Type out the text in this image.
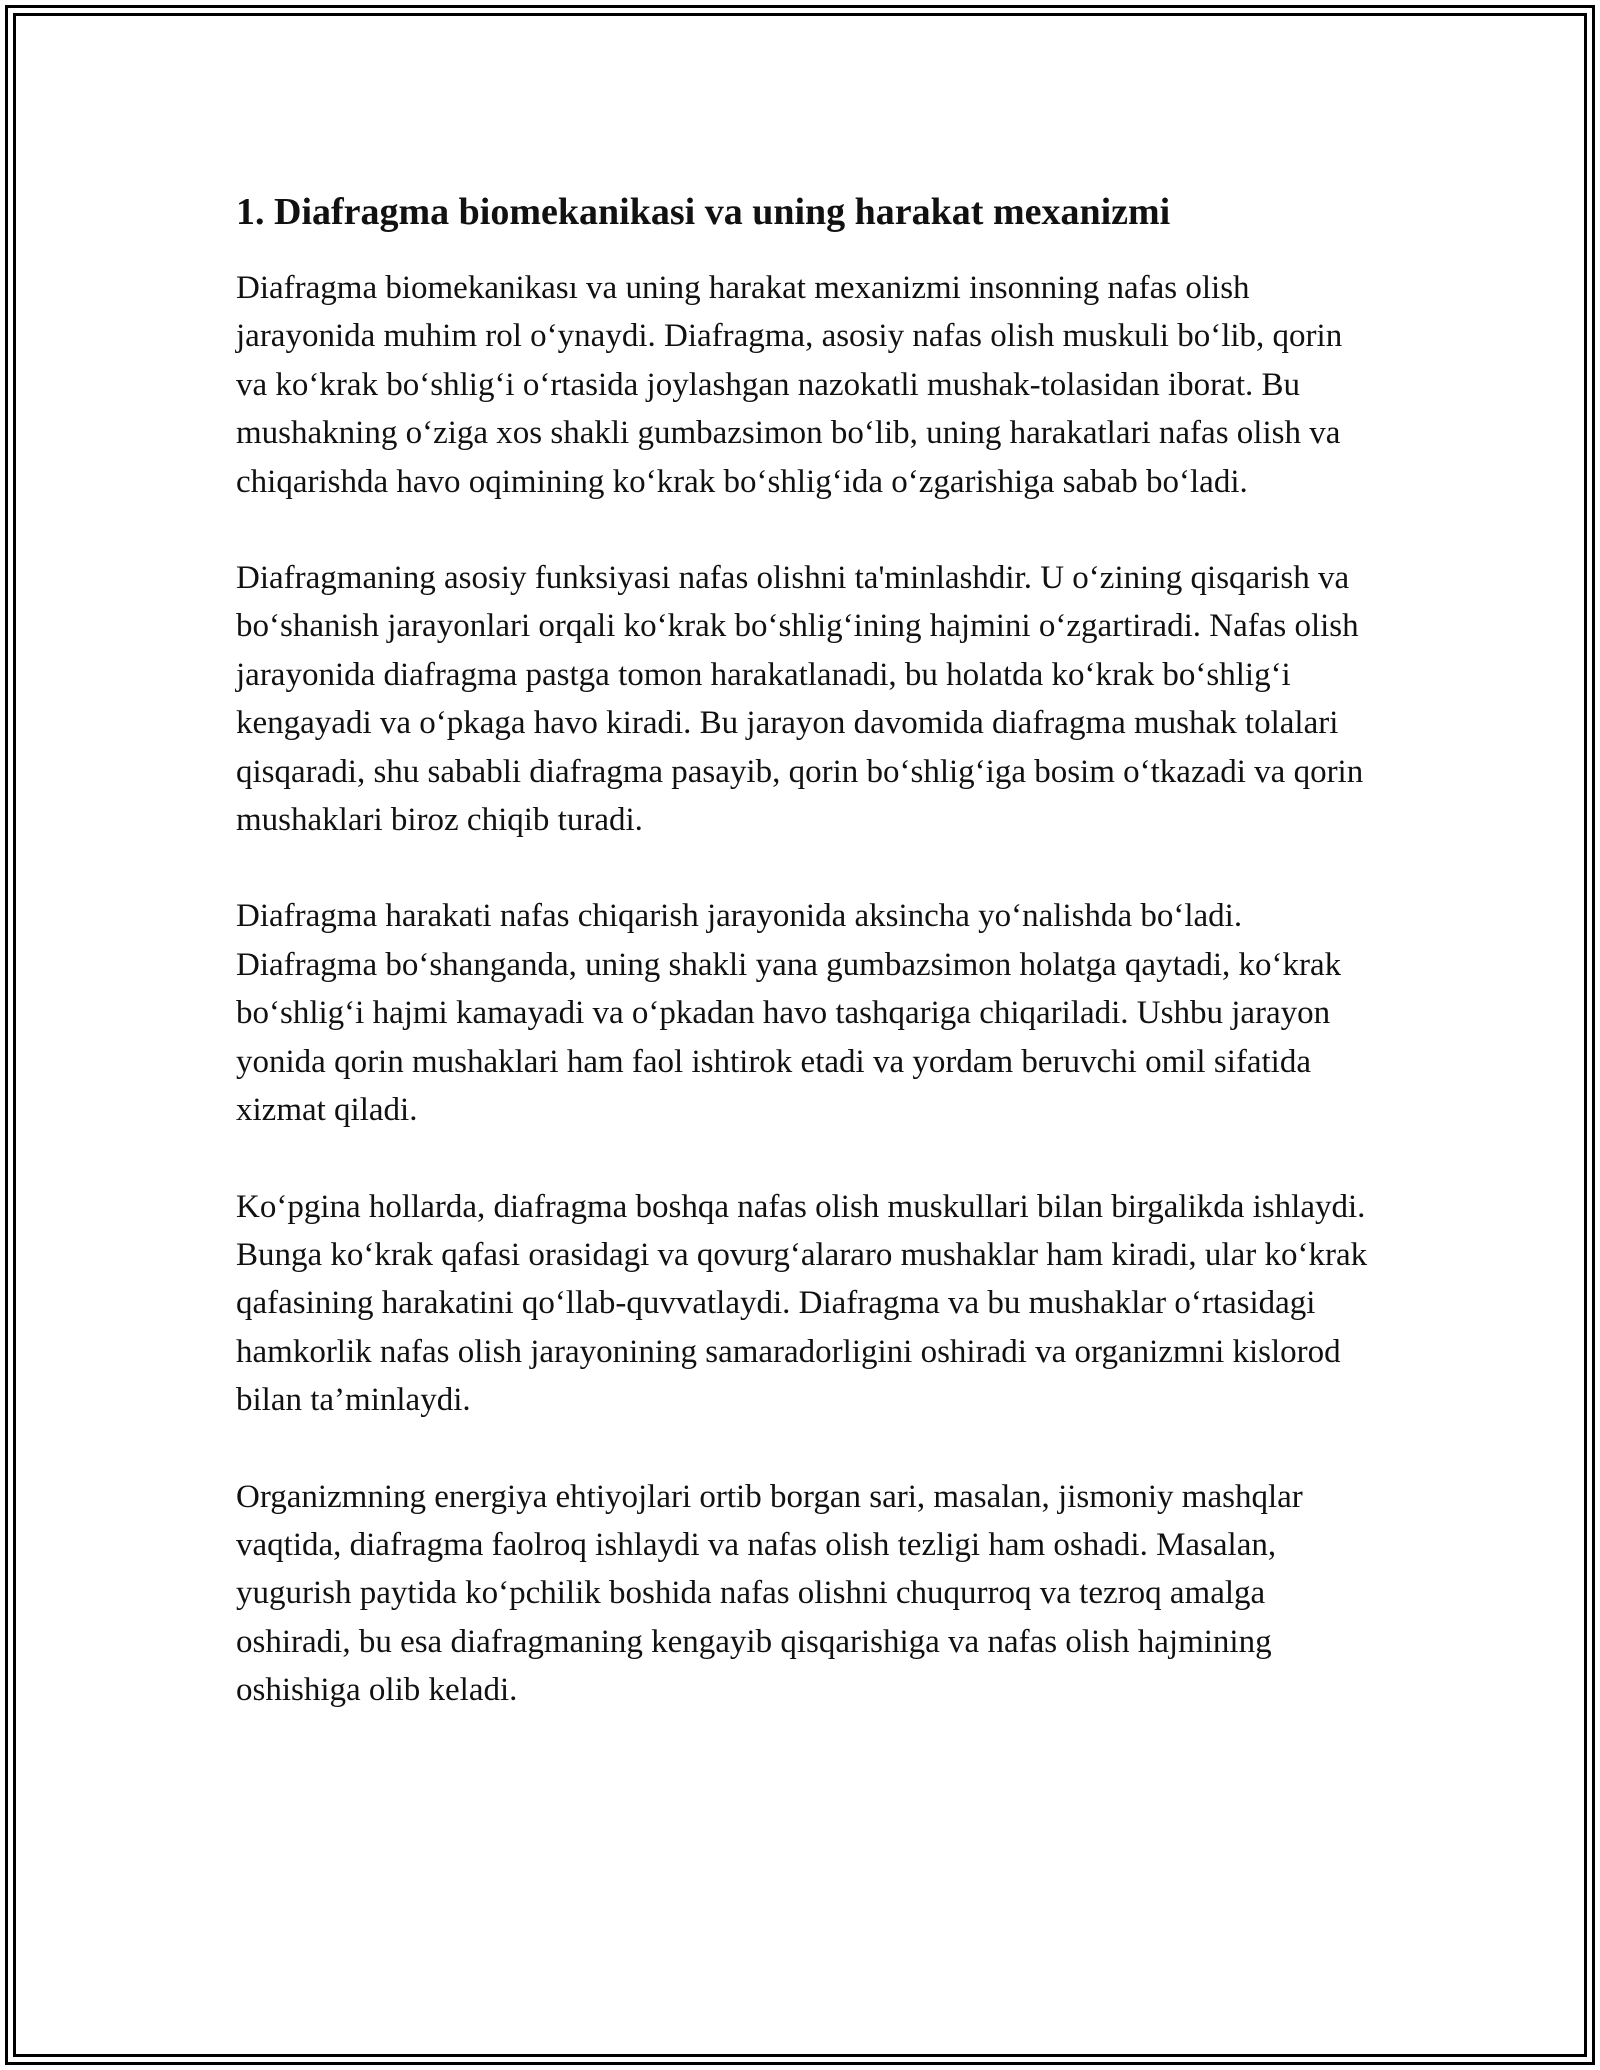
1. Diafragma biomekanikasi va uning harakat mexanizmi

Diafragma biomekanikası va uning harakat mexanizmi insonning nafas olish jarayonida muhim rol o‘ynaydi. Diafragma, asosiy nafas olish muskuli bo‘lib, qorin va ko‘krak bo‘shlig‘i o‘rtasida joylashgan nazokatli mushak-tolasidan iborat. Bu mushakning o‘ziga xos shakli gumbazsimon bo‘lib, uning harakatlari nafas olish va chiqarishda havo oqimining ko‘krak bo‘shlig‘ida o‘zgarishiga sabab bo‘ladi.

Diafragmaning asosiy funksiyasi nafas olishni ta'minlashdir. U o‘zining qisqarish va bo‘shanish jarayonlari orqali ko‘krak bo‘shlig‘ining hajmini o‘zgartiradi. Nafas olish jarayonida diafragma pastga tomon harakatlanadi, bu holatda ko‘krak bo‘shlig‘i kengayadi va o‘pkaga havo kiradi. Bu jarayon davomida diafragma mushak tolalari qisqaradi, shu sababli diafragma pasayib, qorin bo‘shlig‘iga bosim o‘tkazadi va qorin mushaklari biroz chiqib turadi.

Diafragma harakati nafas chiqarish jarayonida aksincha yo‘nalishda bo‘ladi. Diafragma bo‘shanganda, uning shakli yana gumbazsimon holatga qaytadi, ko‘krak bo‘shlig‘i hajmi kamayadi va o‘pkadan havo tashqariga chiqariladi. Ushbu jarayon yonida qorin mushaklari ham faol ishtirok etadi va yordam beruvchi omil sifatida xizmat qiladi.

Ko‘pgina hollarda, diafragma boshqa nafas olish muskullari bilan birgalikda ishlaydi. Bunga ko‘krak qafasi orasidagi va qovurg‘alararo mushaklar ham kiradi, ular ko‘krak qafasining harakatini qo‘llab-quvvatlaydi. Diafragma va bu mushaklar o‘rtasidagi hamkorlik nafas olish jarayonining samaradorligini oshiradi va organizmni kislorod bilan ta’minlaydi.

Organizmning energiya ehtiyojlari ortib borgan sari, masalan, jismoniy mashqlar vaqtida, diafragma faolroq ishlaydi va nafas olish tezligi ham oshadi. Masalan, yugurish paytida ko‘pchilik boshida nafas olishni chuqurroq va tezroq amalga oshiradi, bu esa diafragmaning kengayib qisqarishiga va nafas olish hajmining oshishiga olib keladi.
